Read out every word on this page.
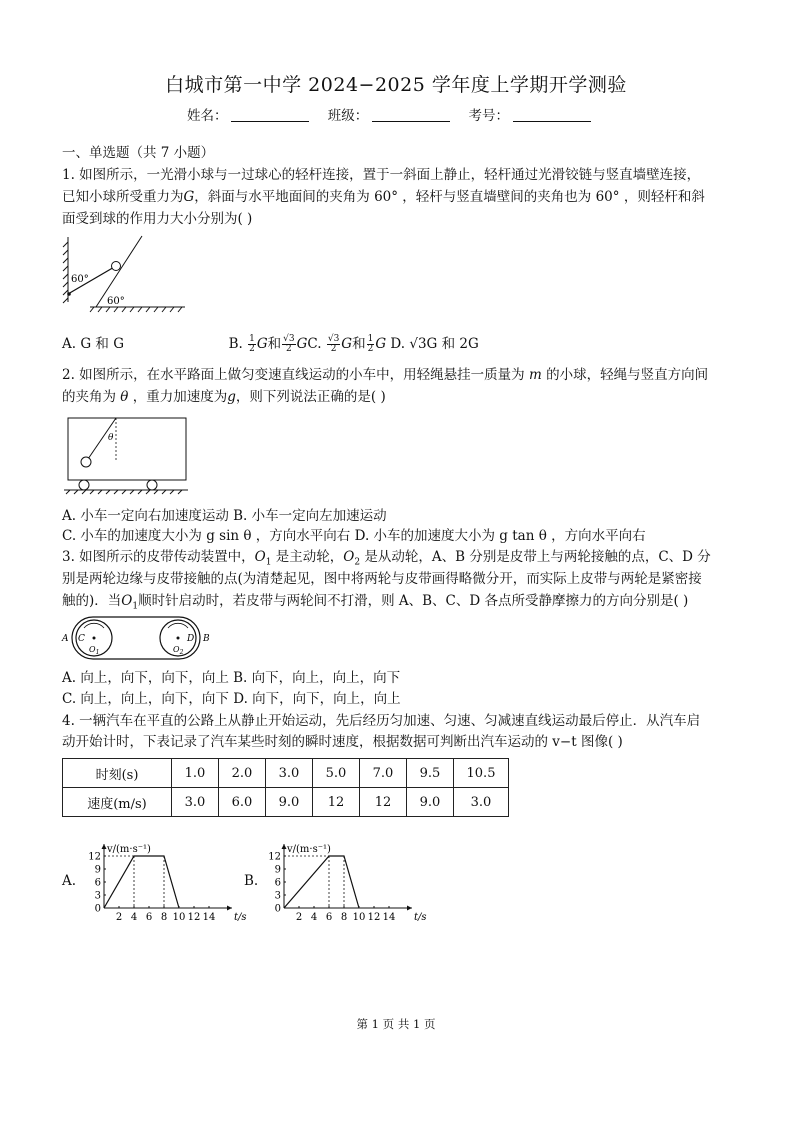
白城市第一中学 2024−2025 学年度上学期开学测验
姓名：	班级：	考号：
一、单选题（共 7 小题）
1. 如图所示，一光滑小球与一过球心的轻杆连接，置于一斜面上静止，轻杆通过光滑铰链与竖直墙壁连接，
已知小球所受重力为G，斜面与水平地面间的夹角为 60° ，轻杆与竖直墙壁间的夹角也为 60° ，则轻杆和斜
面受到球的作用力大小分别为( )
60°
60°
A. G 和 G	B. $\frac{1}{2}$ G和 $\frac{√3}{2}$ GC. $\frac{√3}{2}$ G和 $\frac{1}{2}$ G D. √3G 和 2G
2. 如图所示，在水平路面上做匀变速直线运动的小车中，用轻绳悬挂一质量为 m 的小球，轻绳与竖直方向间
的夹角为 θ ，重力加速度为g，则下列说法正确的是( )
θ
A. 小车一定向右加速度运动 B. 小车一定向左加速运动
C. 小车的加速度大小为 g sin θ ，方向水平向右 D. 小车的加速度大小为 g tan θ ，方向水平向右
3. 如图所示的皮带传动装置中，$O_1$ 是主动轮，$O_2$ 是从动轮，A、B 分别是皮带上与两轮接触的点，C、D 分
别是两轮边缘与皮带接触的点(为清楚起见，图中将两轮与皮带画得略微分开，而实际上皮带与两轮是紧密接
触的)．当$O_1$顺时针启动时，若皮带与两轮间不打滑，则 A、B、C、D 各点所受静摩擦力的方向分别是( )
A C	D B
$O_1$	$O_2$
A. 向上，向下，向下，向上 B. 向下，向上，向上，向下
C. 向上，向上，向下，向下 D. 向下，向下，向上，向上
4. 一辆汽车在平直的公路上从静止开始运动，先后经历匀加速、匀速、匀减速直线运动最后停止．从汽车启
动开始计时，下表记录了汽车某些时刻的瞬时速度，根据数据可判断出汽车运动的 v−t 图像( )
时刻(s)	1.0	2.0	3.0	5.0	7.0	9.5	10.5
速度(m/s)	3.0	6.0	9.0	12	12	9.0	3.0
A.
0
3
6
9
12
2 4 6 8 10 12 14 t/s
v/(m·s⁻¹)
B.
0
3
6
9
12
2 4 6 8 10 12 14 t/s
v/(m·s⁻¹)
第 1 页 共 1 页
